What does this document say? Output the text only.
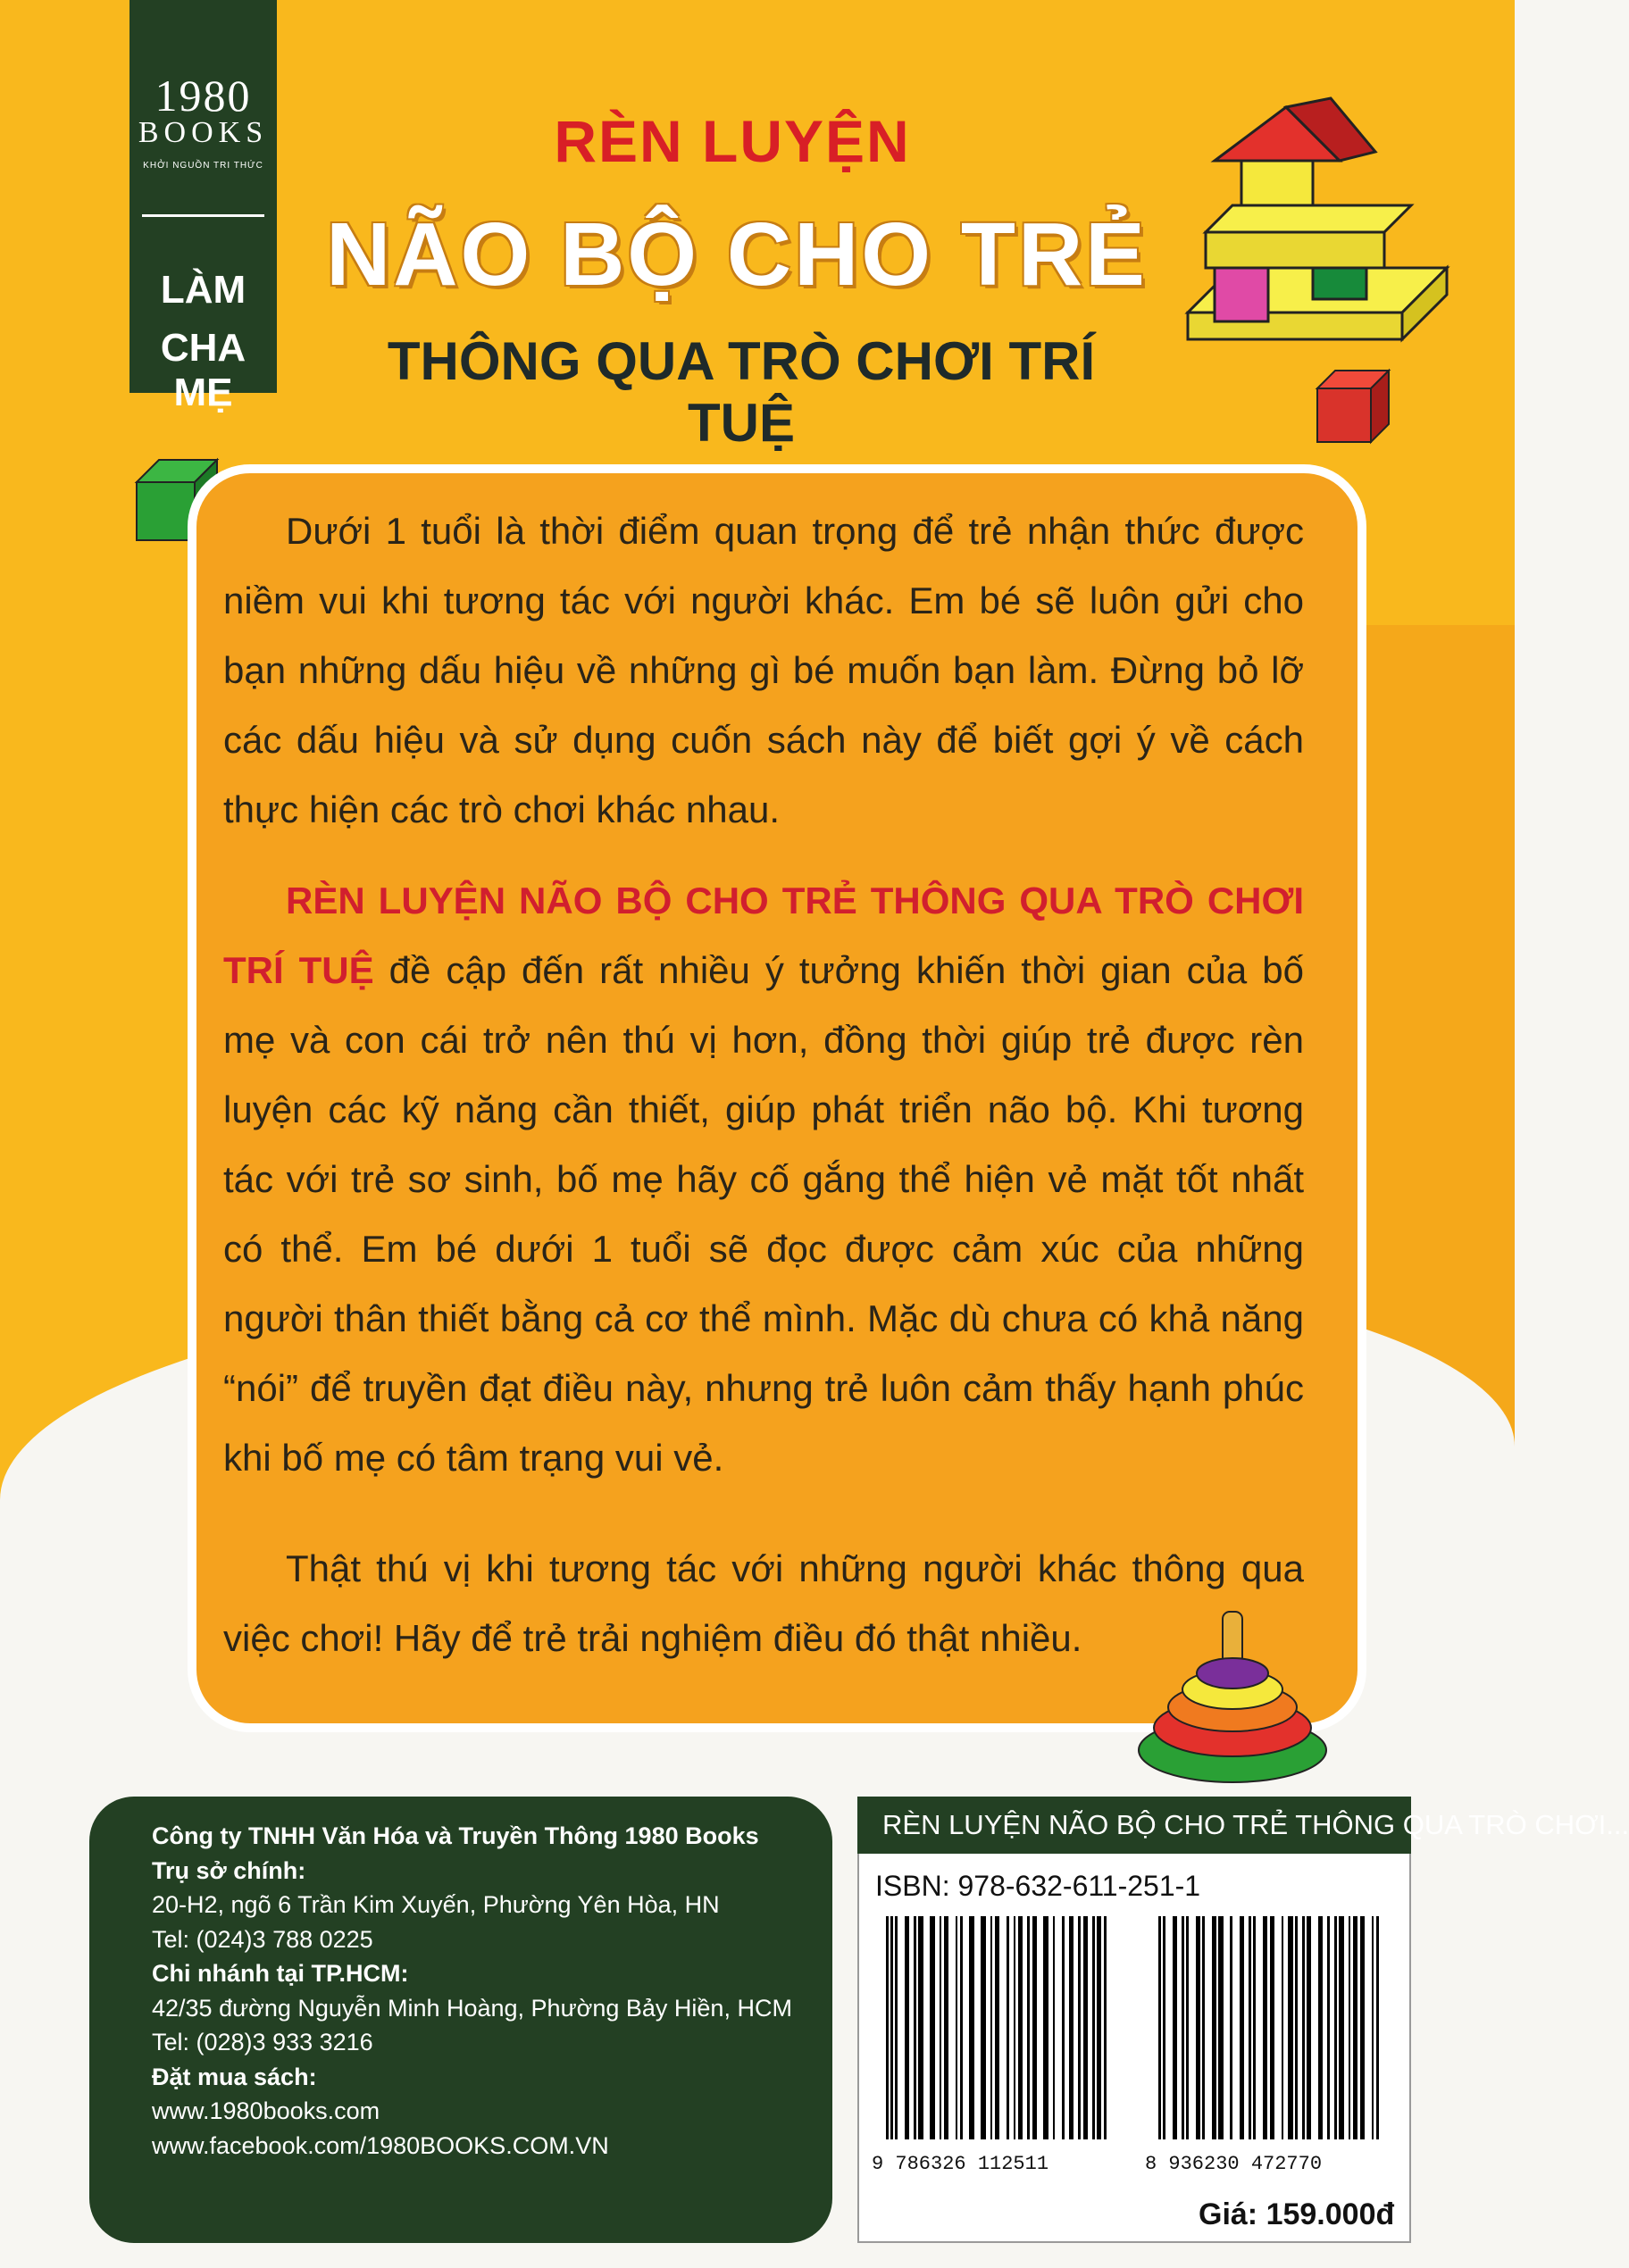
1980
BOOKS
KHỞI NGUỒN TRI THỨC
LÀM
CHA MẸ
RÈN LUYỆN
NÃO BỘ CHO TRẺ
THÔNG QUA TRÒ CHƠI TRÍ TUỆ

Dưới 1 tuổi là thời điểm quan trọng để trẻ nhận thức được niềm vui khi tương tác với người khác. Em bé sẽ luôn gửi cho bạn những dấu hiệu về những gì bé muốn bạn làm. Đừng bỏ lỡ các dấu hiệu và sử dụng cuốn sách này để biết gợi ý về cách thực hiện các trò chơi khác nhau.

RÈN LUYỆN NÃO BỘ CHO TRẺ THÔNG QUA TRÒ CHƠI TRÍ TUỆ đề cập đến rất nhiều ý tưởng khiến thời gian của bố mẹ và con cái trở nên thú vị hơn, đồng thời giúp trẻ được rèn luyện các kỹ năng cần thiết, giúp phát triển não bộ. Khi tương tác với trẻ sơ sinh, bố mẹ hãy cố gắng thể hiện vẻ mặt tốt nhất có thể. Em bé dưới 1 tuổi sẽ đọc được cảm xúc của những người thân thiết bằng cả cơ thể mình. Mặc dù chưa có khả năng “nói” để truyền đạt điều này, nhưng trẻ luôn cảm thấy hạnh phúc khi bố mẹ có tâm trạng vui vẻ.

Thật thú vị khi tương tác với những người khác thông qua việc chơi! Hãy để trẻ trải nghiệm điều đó thật nhiều.

Công ty TNHH Văn Hóa và Truyền Thông 1980 Books
Trụ sở chính:
20-H2, ngõ 6 Trần Kim Xuyến, Phường Yên Hòa, HN
Tel: (024)3 788 0225
Chi nhánh tại TP.HCM:
42/35 đường Nguyễn Minh Hoàng, Phường Bảy Hiền, HCM
Tel: (028)3 933 3216
Đặt mua sách:
www.1980books.com
www.facebook.com/1980BOOKS.COM.VN
RÈN LUYỆN NÃO BỘ CHO TRẺ THÔNG QUA TRÒ CHƠI...
ISBN: 978-632-611-251-1
9 786326 112511	8 936230 472770
Giá: 159.000đ
